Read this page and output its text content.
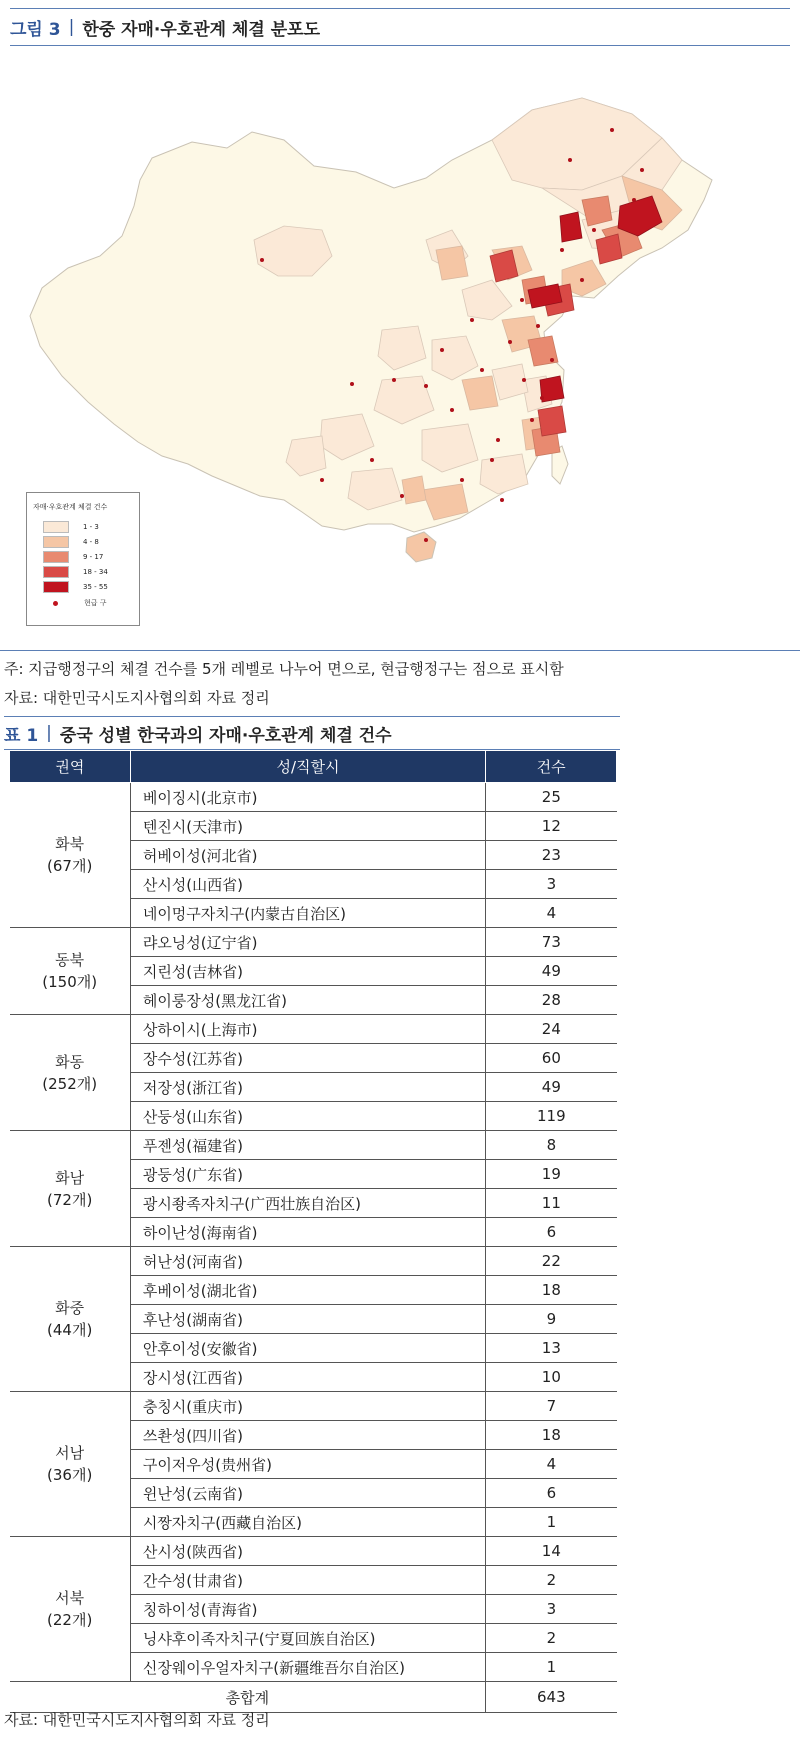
그림 3 | 한중 자매·우호관계 체결 분포도
자매·우호관계 체결 건수
1 - 3
4 - 8
9 - 17
18 - 34
35 - 55
현급 구
주: 지급행정구의 체결 건수를 5개 레벨로 나누어 면으로, 현급행정구는 점으로 표시함
자료: 대한민국시도지사협의회 자료 정리
표 1 | 중국 성별 한국과의 자매·우호관계 체결 건수
권역	성/직할시	건수

화북
(67개)	베이징시(北京市)	25
	텐진시(天津市)	12
	허베이성(河北省)	23
	산시성(山西省)	3
	네이멍구자치구(内蒙古自治区)	4

동북
(150개)	랴오닝성(辽宁省)	73
	지린성(吉林省)	49
	헤이룽장성(黑龙江省)	28

화동
(252개)	상하이시(上海市)	24
	장수성(江苏省)	60
	저장성(浙江省)	49
	산둥성(山东省)	119

화남
(72개)	푸젠성(福建省)	8
	광둥성(广东省)	19
	광시좡족자치구(广西壮族自治区)	11
	하이난성(海南省)	6

화중
(44개)	허난성(河南省)	22
	후베이성(湖北省)	18
	후난성(湖南省)	9
	안후이성(安徽省)	13
	장시성(江西省)	10

서남
(36개)	충칭시(重庆市)	7
	쓰촨성(四川省)	18
	구이저우성(贵州省)	4
	윈난성(云南省)	6
	시짱자치구(西藏自治区)	1

서북
(22개)	산시성(陕西省)	14
	간수성(甘肃省)	2
	칭하이성(青海省)	3
	닝샤후이족자치구(宁夏回族自治区)	2
	신장웨이우얼자치구(新疆维吾尔自治区)	1
총합계		643
자료: 대한민국시도지사협의회 자료 정리
